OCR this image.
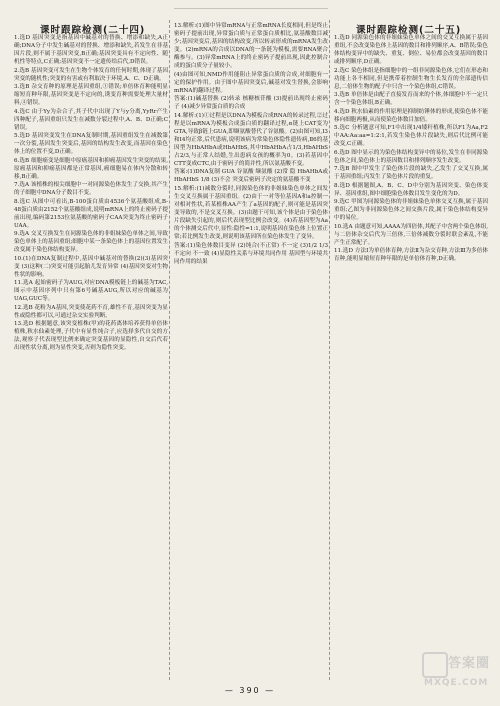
课时跟踪检测(二十四)	课时跟踪检测(二十五)

1.选D 基因突变是指基因中碱基对的替换、增添和缺失,A正确;DNA分子中发生碱基对的替换、增添和缺失,若发生在非基因片段,则不属于基因突变,B正确;基因突变具有不定向性、随机性等特点,C正确;基因突变不一定遗传给后代,D错误。

2.选B 基因突变可发生在生物个体发育的任何时期,体现了基因突变的随机性;突变的有害或有利取决于环境,A、C、D正确。

3.选B 杂交育种的原理是基因重组,①错误;单倍体育种能明显缩短育种年限,基因突变是不定向的,诱变育种需要处理大量材料,④错误。

4.选C 由于Yy为杂合子,其子代中出现了Y与y分离,YyRr产生四种配子,基因重组只发生在减数分裂过程中,A、B、D正确;C错误。

5.选D 基因突变发生在DNA复制时期,基因重组发生在减数第一次分裂,基因发生突变后,基因的结构发生改变,而基因在染色体上的位置不变,D正确。

6.选B 细胞癌变是细胞中原癌基因和抑癌基因发生突变的结果,原癌基因和抑癌基因都是正常基因,癌细胞易在体内分散和转移,B正确。

7.选A 该植株的根尖细胞中一对同源染色体发生了交换,其产生的子细胞中DNA分子数目不变。

8.选C 从图中可看出,B-100蛋白质由4536个氨基酸组成,B-48蛋白质由2152个氨基酸组成,说明mRNA上的终止密码子提前出现,编码第2153位氨基酸的密码子CAA突变为终止密码子UAA。

9.选A 交叉互换发生在同源染色体的非姐妹染色单体之间,导致染色单体上的基因重组;细胞中某一条染色体上的基因位置发生改变属于染色体结构变异。

10.(1)在DNA复制过程中,基因中碱基对的替换(2)(3)基因突变 (3)这种(二)突变可能引起胎儿发育异常 (4)基因突变对生物性状的影响。

11.选A 起始密码子为AUG,对应DNA模板链上的碱基为TAC,图示中基因序列中只有第6号碱基AUG,所以对应的碱基为UAG,GUC等。

12.选B 花粉为A基因,突变使花药不育,雄性不育,基因突变为显性或隐性都可以,可通过杂交实验判断。

13.选D 根据题意,该突变植株(甲)的花药离体培养获得单倍体植株,秋水仙素处理,子代中有显性纯合子,应选择多代自交的方法,观察子代表现型比例来确定突变基因的显隐性,自交后代若出现性状分离,则为显性突变,否则为隐性突变。

13.解析:(1)图中异常mRNA与正常mRNA长度相同,但是终止密码子提前出现,异常蛋白质与正常蛋白质相比,氨基酸数目减少;基因突变后,基因的结构改变,所以转录形成的mRNA发生改变。(2)mRNA的合成以DNA的一条链为模板,需要RNA聚合酶参与。(3)异常mRNA上的终止密码子提前出现,因此控制合成的蛋白质分子量较小。

(4)由图可知,NMD作用能阻止异常蛋白质的合成,对细胞有一定的保护作用。由于图中基因突变后,碱基对发生替换,会影响mRNA的翻译过程。

答案:(1)碱基替换 (2)转录 核糖核苷酸 (3)提前出现终止密码子 (4)减少异常蛋白质的合成

14.解析:(1)①过程是以DNA为模板合成RNA的转录过程,②过程是以mRNA为模板合成蛋白质的翻译过程,α链上CAT变为GTA,导致β链上GUA,即缬氨酸替代了谷氨酸。(2)由图可知,Ⅰ3和Ⅰ4均正常,后代患病,说明该病为常染色体隐性遗传病,Ⅱ6的基因型为HbAHbA或HbAHbS,其中HbAHbA占1/3,HbAHbS占2/3,与正常人结婚,生出患病女孩的概率为0。(3)若基因中CTT变成CTC,由于密码子的简并性,所以氨基酸不变。

答案:(1)DNA复制 GUA 谷氨酸 缬氨酸 (2)常 隐 HbAHbA或HbAHbS 1/8 (3)不会 突变后密码子决定的氨基酸不变

15.解析:(1)减数分裂时,同源染色体的非姐妹染色单体之间发生交叉互换属于基因重组。(2)由于一对等位基因A和a控制一对相对性状,若某植株AA产生了a基因的配子,则可能是基因突变导致的,不是交叉互换。(3)由题干可知,该个体是由于染色体片段缺失引起的,则后代表现型比例会改变。(4)若基因型为Aa的个体测交后代中,显性:隐性=1:1,说明基因在染色体上位置正常;若比例发生改变,则说明该基因所在染色体发生了变异。

答案:(1)染色体数目变异 (2)纯合(不正常) 不一定 (3)1/2 1/3 不定向 不一致 (4)显隐性关系与环境共同作用 基因型与环境共同作用的结果

1.选D 同源染色体的非姐妹染色单体之间的交叉互换属于基因重组,不会改变染色体上基因的数目和排列顺序,A、B错误;染色体结构变异中的缺失、重复、倒位、易位都会改变基因的数目或排列顺序,D正确。

2.选C 染色体组是指细胞中的一组非同源染色体,它们在形态和功能上各不相同,但是携带着控制生物生长发育的全部遗传信息,二倍体生物的配子中只含一个染色体组,C错误。

3.选B 单倍体是由配子直接发育而来的个体,体细胞中不一定只含一个染色体组,B正确。

4.选D 秋水仙素的作用原理是抑制纺锤体的形成,使染色体不能移向细胞两极,从而使染色体数目加倍。

5.选C 分析题意可知,F1中出现1/4矮秆植株,所以F1为Aa,F2中AA:Aa:aa=1:2:1,若发生染色体片段缺失,则后代比例可能改变,C正确。

6.选D 图中显示的为染色体结构变异中的易位,发生在非同源染色体之间,染色体上的基因数目和排列顺序发生改变。

7.选B 图中甲发生了染色体片段的缺失,乙发生了交叉互换,属于基因重组;丙发生了染色体片段的重复。

8.选D 根据题图,A、B、C、D中分别为基因突变、染色体变异、基因重组,图中细胞染色体数目发生变化的为D。

9.选C 甲图为同源染色体的非姐妹染色单体交叉互换,属于基因重组;乙图为非同源染色体之间交换片段,属于染色体结构变异中的易位。

10.选A 由题意可知,AAAA为四倍体,其配子中含两个染色体组,与二倍体杂交后代为三倍体,三倍体减数分裂时联会紊乱,不能产生正常配子。

11.选D 方法Ⅰ为单倍体育种,方法Ⅱ为杂交育种,方法Ⅲ为多倍体育种,能明显缩短育种年限的是单倍体育种,D正确。

— 390 —
答案圈
MXQE.COM
